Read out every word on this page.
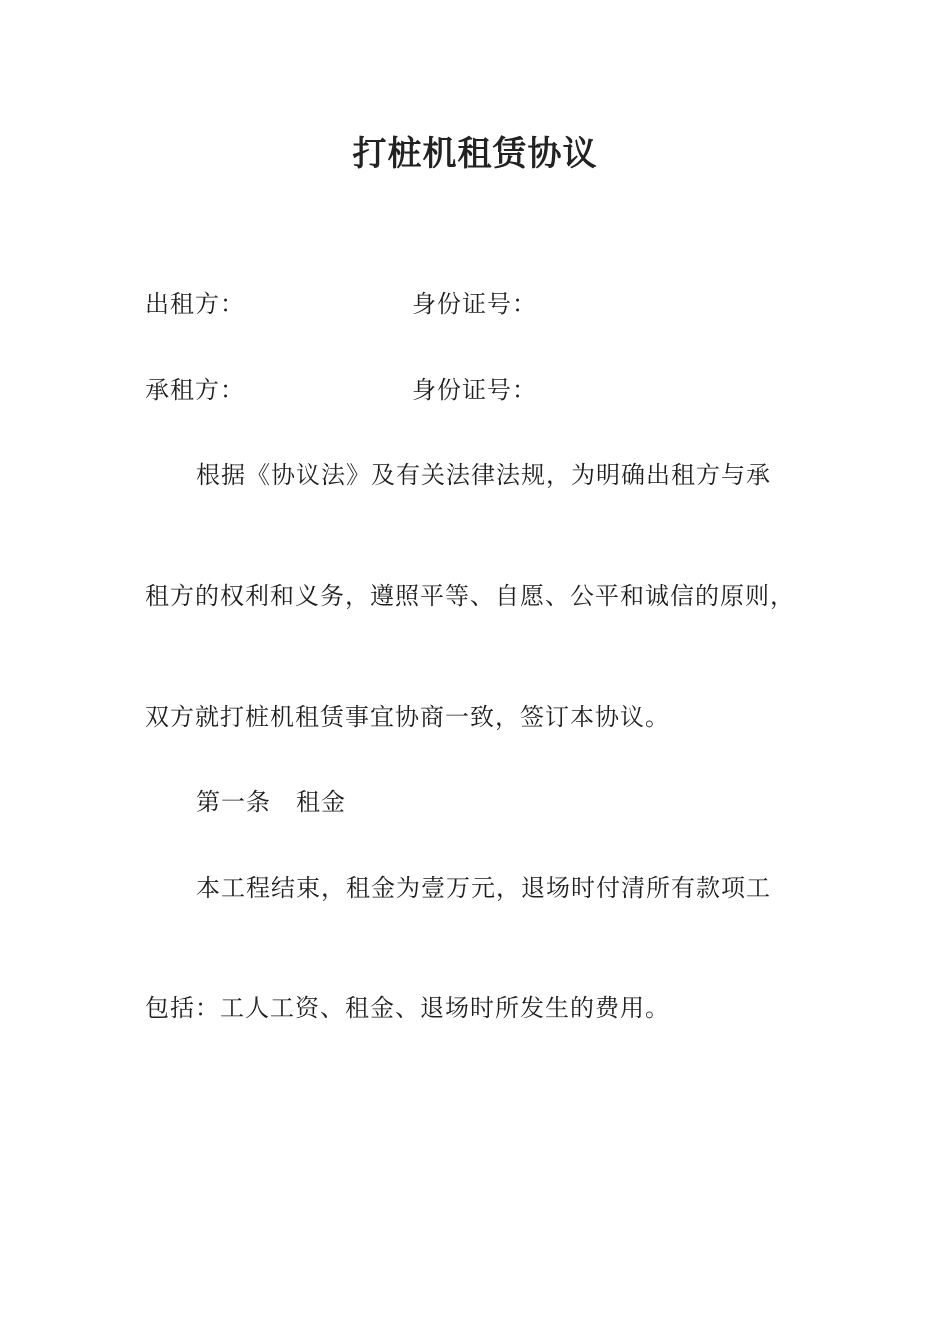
打桩机租赁协议
出租方：	身份证号：
承租方：	身份证号：
根据《协议法》及有关法律法规，为明确出租方与承
租方的权利和义务，遵照平等、自愿、公平和诚信的原则，
双方就打桩机租赁事宜协商一致，签订本协议。
第一条　租金
本工程结束，租金为壹万元，退场时付清所有款项工
包括：工人工资、租金、退场时所发生的费用。
